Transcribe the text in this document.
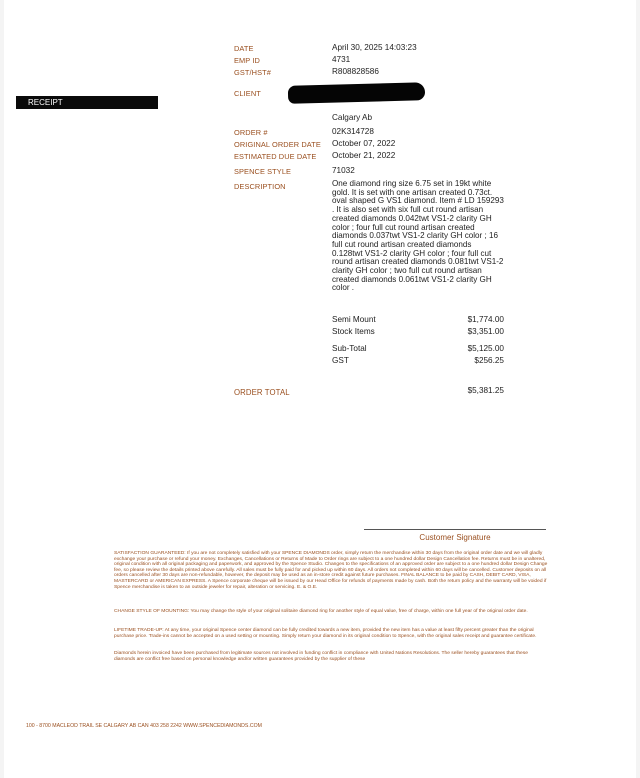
DATE	April 30, 2025 14:03:23
EMP ID	4731
GST/HST#	R808828586
RECEIPT
CLIENT
Calgary Ab
ORDER #	02K314728
ORIGINAL ORDER DATE October 07, 2022
ESTIMATED DUE DATE October 21, 2022
SPENCE STYLE	71032
DESCRIPTION	One diamond ring size 6.75 set in 19kt white gold. It is set with one artisan created 0.73ct. oval shaped G VS1 diamond. Item # LD 159293 . It is also set with six full cut round artisan created diamonds 0.042twt VS1-2 clarity GH color ; four full cut round artisan created diamonds 0.037twt VS1-2 clarity GH color ; 16 full cut round artisan created diamonds 0.128twt VS1-2 clarity GH color ; four full cut round artisan created diamonds 0.081twt VS1-2 clarity GH color ; two full cut round artisan created diamonds 0.061twt VS1-2 clarity GH color .
Semi Mount	$1,774.00
Stock Items	$3,351.00
Sub-Total	$5,125.00
GST	$256.25
ORDER TOTAL	$5,381.25
Customer Signature
SATISFACTION GUARANTEED: If you are not completely satisfied with your SPENCE DIAMONDS order, simply return the merchandise within 30 days from the original order date and we will gladly exchange your purchase or refund your money. Exchanges, Cancellations or Returns of Made to Order rings are subject to a one hundred dollar Design Cancellation fee. Returns must be in unaltered, original condition with all original packaging and paperwork, and approved by the Spence Studio. Changes to the specifications of an approved order are subject to a one hundred dollar Design Change fee, so please review the details printed above carefully. All sales must be fully paid for and picked up within 60 days. All orders not completed within 60 days will be cancelled. Customer deposits on all orders cancelled after 30 days are non-refundable, however, the deposit may be used as an in-store credit against future purchases. FINAL BALANCE to be paid by CASH, DEBIT CARD, VISA, MASTERCARD or AMERICAN EXPRESS. A Spence corporate cheque will be issued by our Head Office for refunds of payments made by cash. Both the return policy and the warranty will be voided if Spence merchandise is taken to an outside jeweler for repair, alteration or servicing. E. & O.E.
CHANGE STYLE OF MOUNTING: You may change the style of your original solitaire diamond ring for another style of equal value, free of charge, within one full year of the original order date.
LIFETIME TRADE-UP: At any time, your original Spence center diamond can be fully credited towards a new item, provided the new item has a value at least fifty percent greater than the original purchase price. Trade-ins cannot be accepted on a used setting or mounting. Simply return your diamond in its original condition to Spence, with the original sales receipt and guarantee certificate.
Diamonds herein invoiced have been purchased from legitimate sources not involved in funding conflict in compliance with United Nations Resolutions. The seller hereby guarantees that these diamonds are conflict free based on personal knowledge and/or written guarantees provided by the supplier of these
100 - 8700 MACLEOD TRAIL SE CALGARY AB CAN 403 258 2242 WWW.SPENCEDIAMONDS.COM
